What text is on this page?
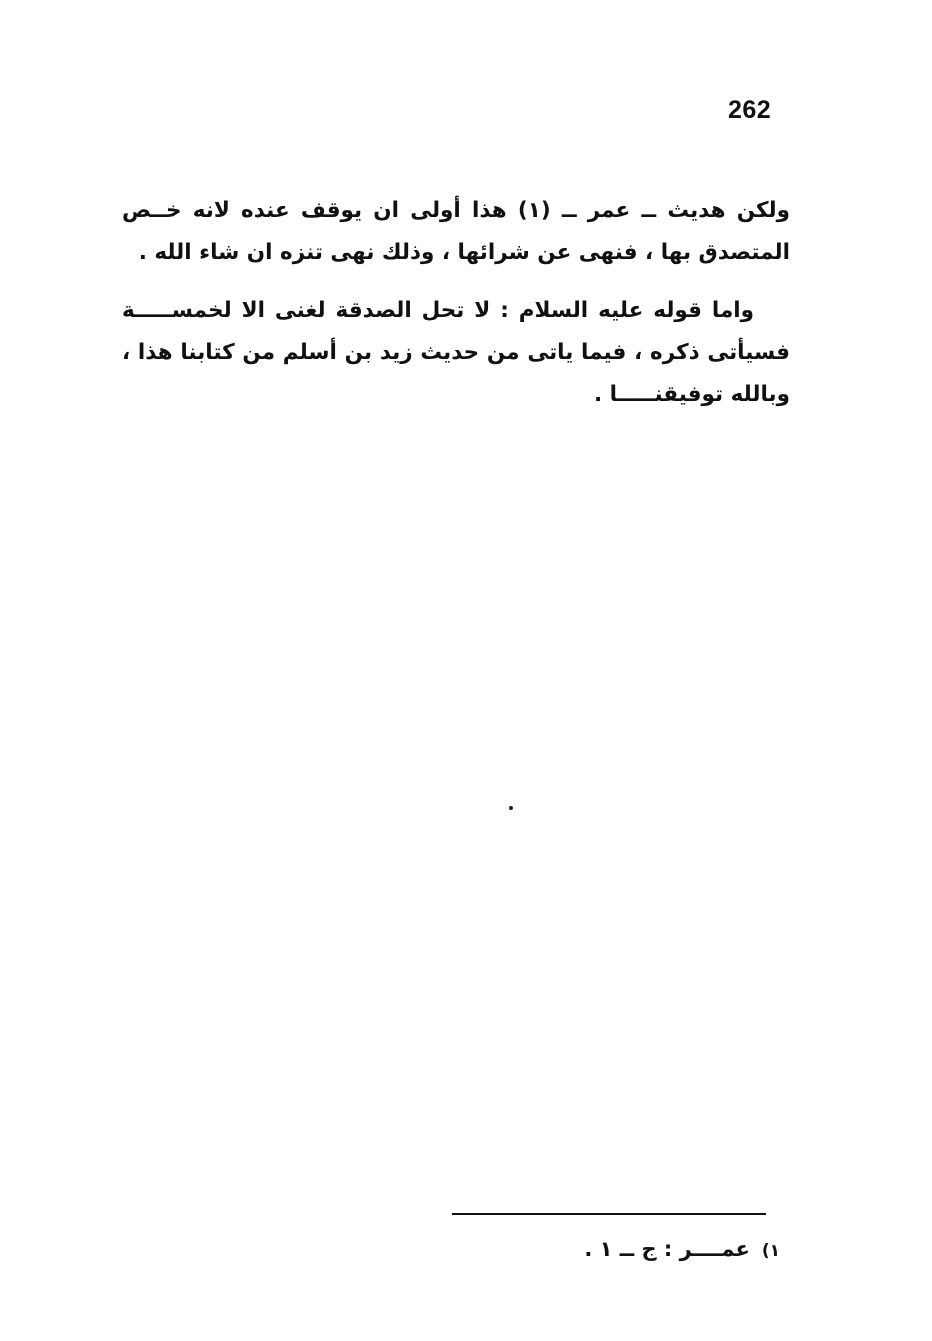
262
ولكن هديث ــ عمر ــ (١) هذا أولى ان يوقف عنده لانه خــص
المتصدق بها ، فنهى عن شرائها ، وذلك نهى تنزه ان شاء الله .
واما قوله عليه السلام : لا تحل الصدقة لغنى الا لخمســـــة
فسيأتى ذكره ، فيما ياتى من حديث زيد بن أسلم من كتابنا هذا ،
وبالله توفيقنـــــا .
١)عمــــر : ج ــ ١ .
